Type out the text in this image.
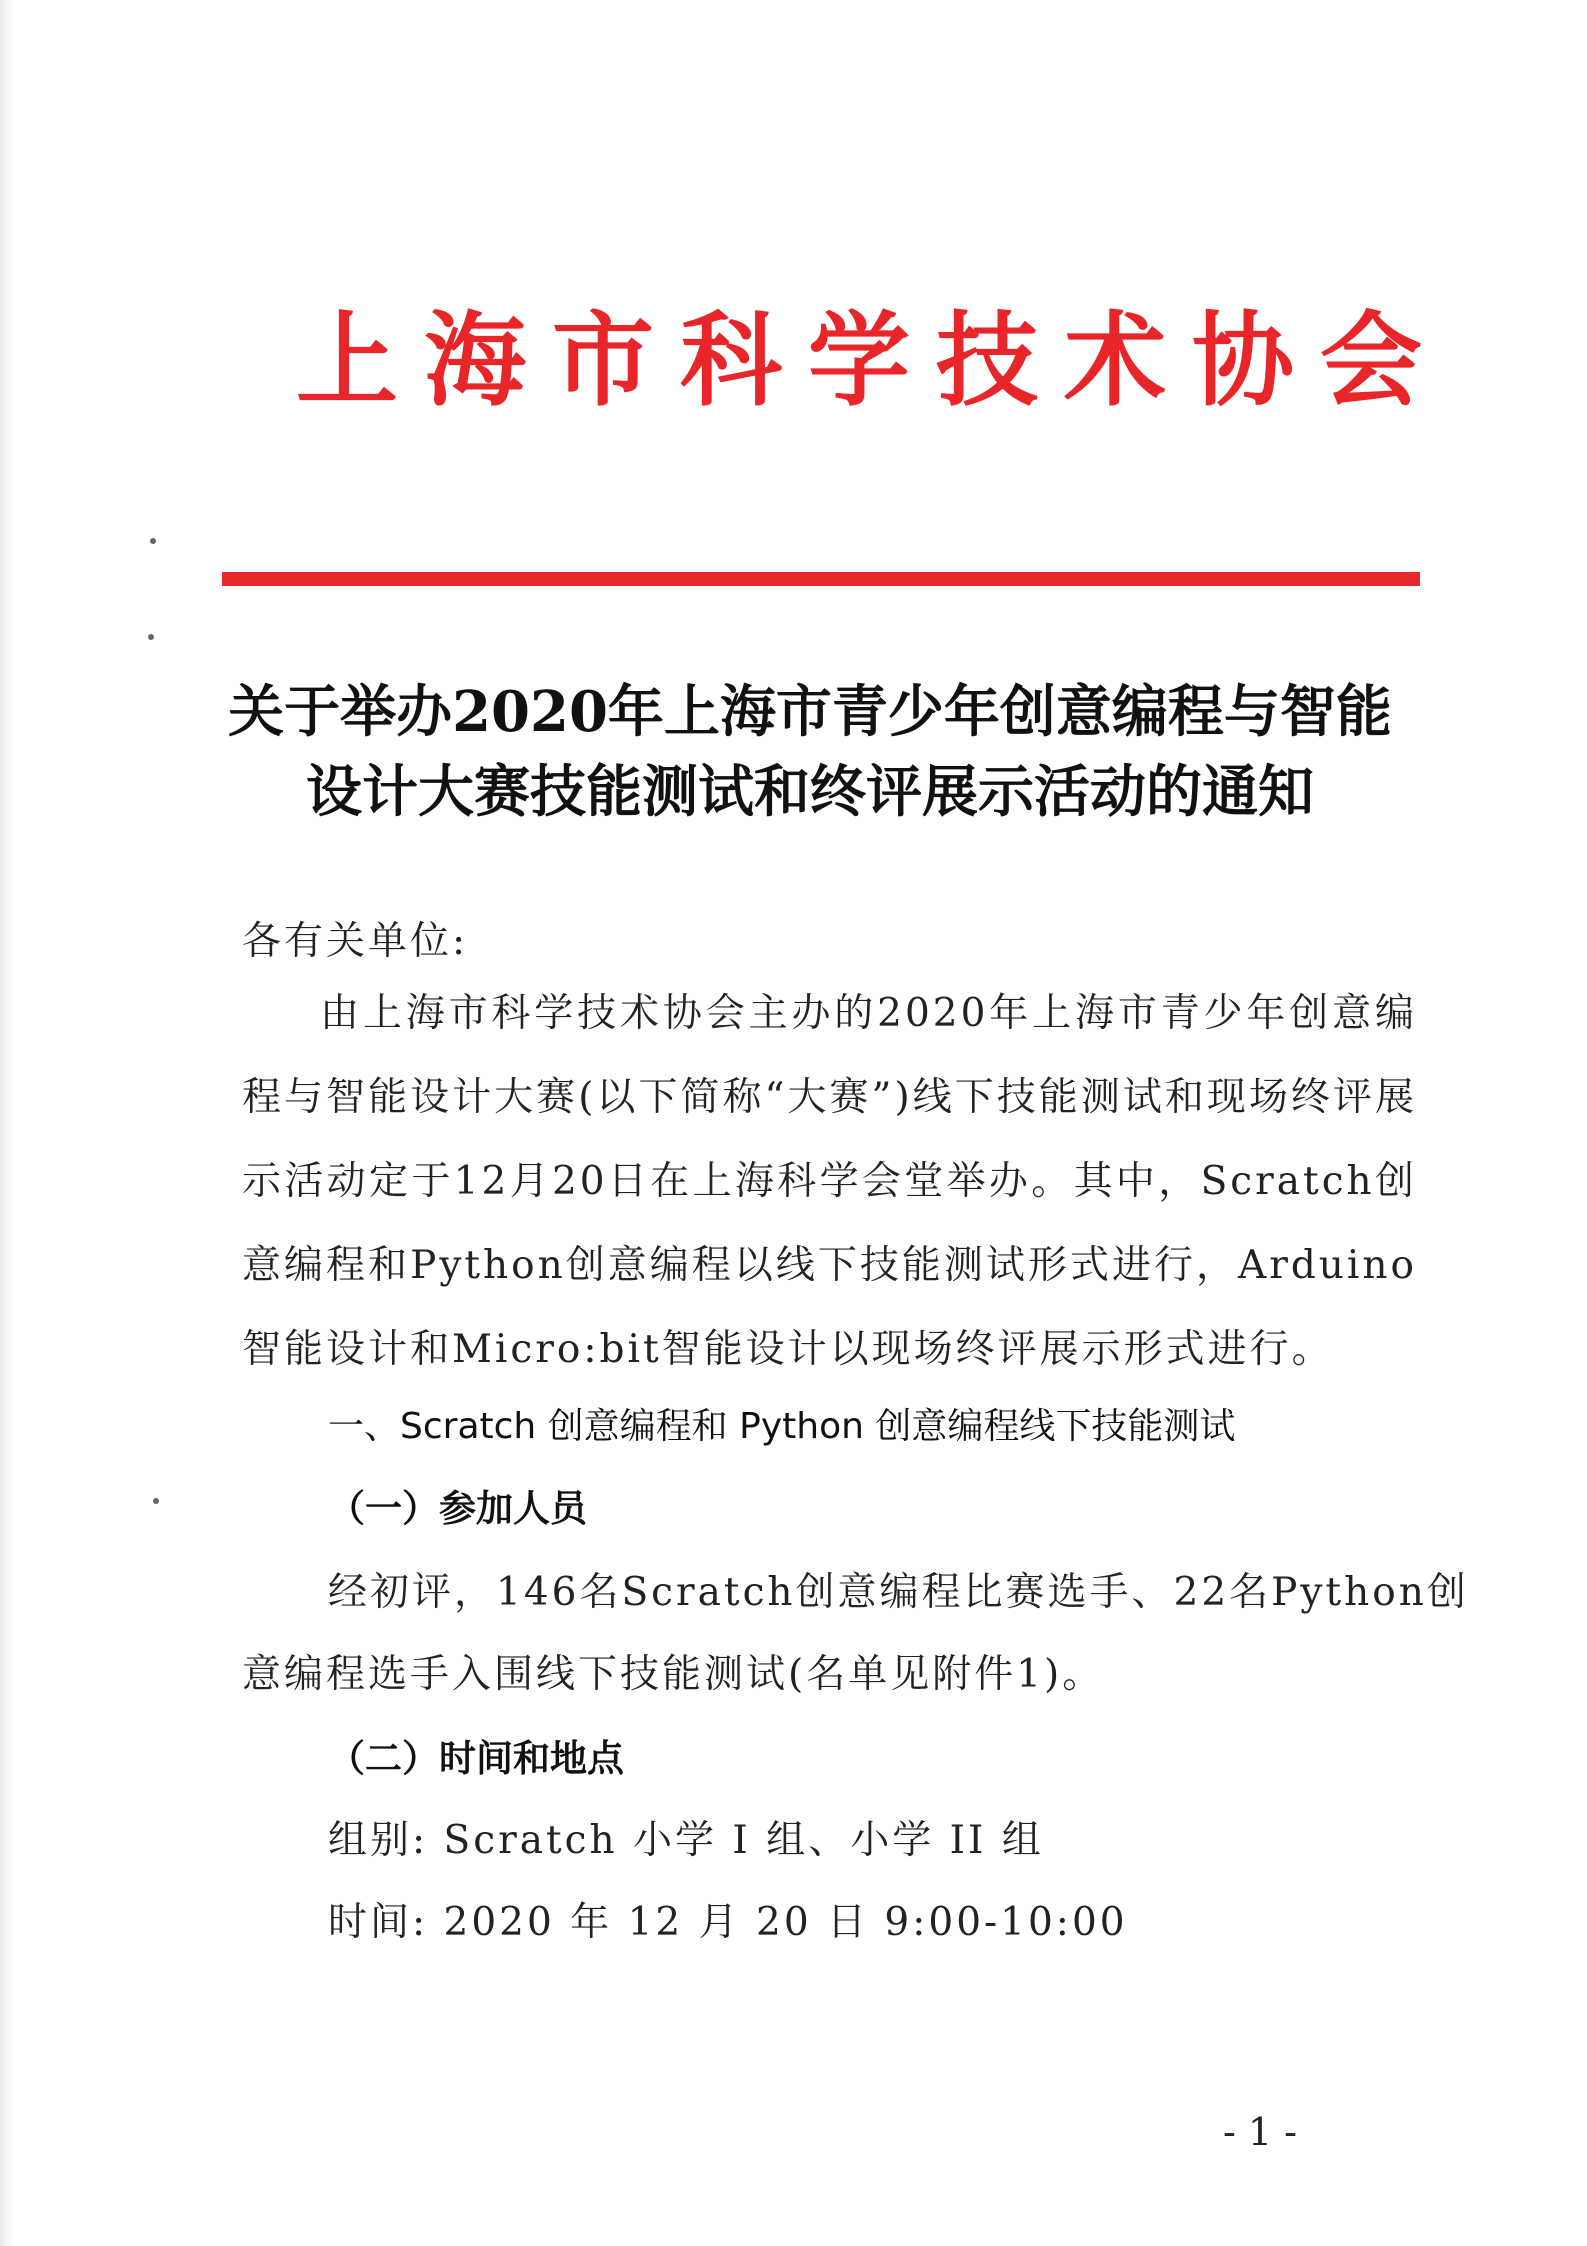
上海市科学技术协会
关于举办2020年上海市青少年创意编程与智能
设计大赛技能测试和终评展示活动的通知
各有关单位:
由上海市科学技术协会主办的2020年上海市青少年创意编程与智能设计大赛(以下简称“大赛”)线下技能测试和现场终评展示活动定于12月20日在上海科学会堂举办。其中，Scratch创意编程和Python创意编程以线下技能测试形式进行，Arduino智能设计和Micro:bit智能设计以现场终评展示形式进行。
一、Scratch 创意编程和 Python 创意编程线下技能测试
（一）参加人员
经初评，146名Scratch创意编程比赛选手、22名Python创
意编程选手入围线下技能测试(名单见附件1)。
（二）时间和地点
组别: Scratch 小学 I 组、小学 II 组
时间: 2020 年 12 月 20 日 9:00-10:00
- 1 -
